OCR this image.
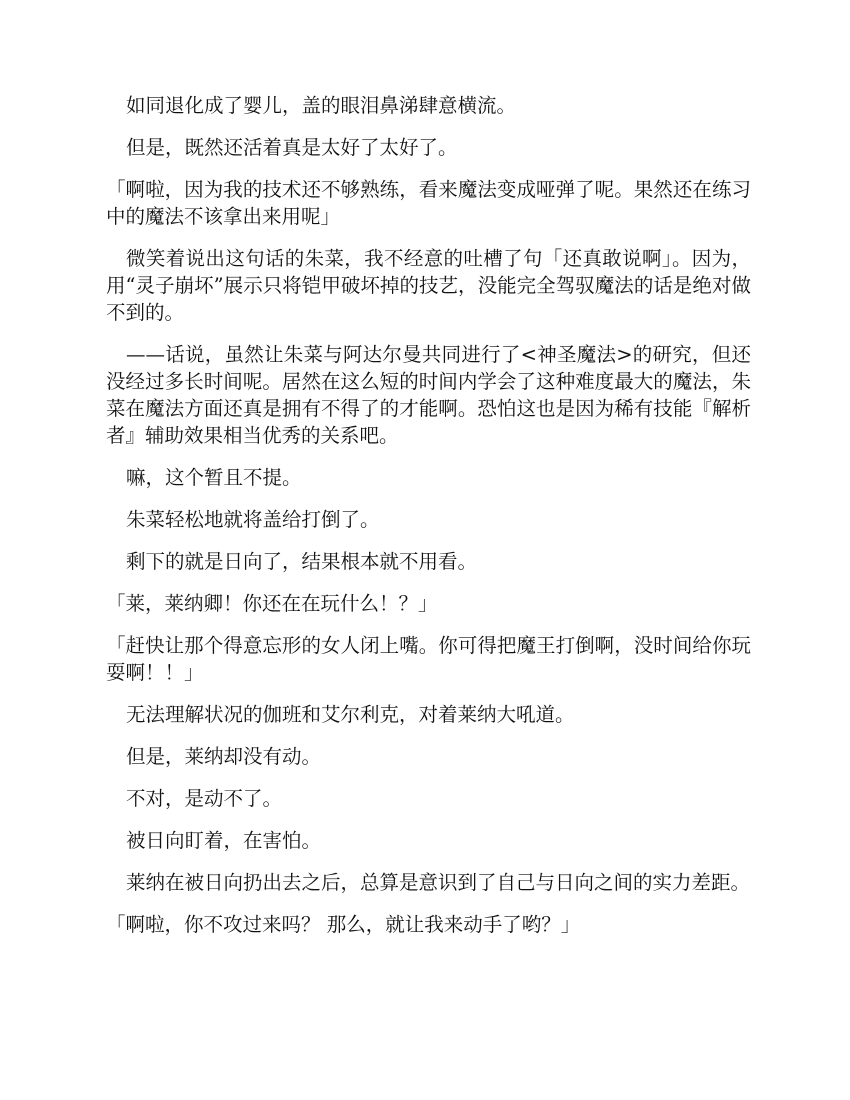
如同退化成了婴儿，盖的眼泪鼻涕肆意横流。

但是，既然还活着真是太好了太好了。

「啊啦，因为我的技术还不够熟练，看来魔法变成哑弹了呢。果然还在练习中的魔法不该拿出来用呢」

微笑着说出这句话的朱菜，我不经意的吐槽了句「还真敢说啊」。因为，用“灵子崩坏”展示只将铠甲破坏掉的技艺，没能完全驾驭魔法的话是绝对做不到的。

——话说，虽然让朱菜与阿达尔曼共同进行了<神圣魔法>的研究，但还没经过多长时间呢。居然在这么短的时间内学会了这种难度最大的魔法，朱菜在魔法方面还真是拥有不得了的才能啊。恐怕这也是因为稀有技能『解析者』辅助效果相当优秀的关系吧。

嘛，这个暂且不提。

朱菜轻松地就将盖给打倒了。

剩下的就是日向了，结果根本就不用看。

「莱，莱纳卿！你还在在玩什么！？」

「赶快让那个得意忘形的女人闭上嘴。你可得把魔王打倒啊，没时间给你玩耍啊！！」

无法理解状况的伽班和艾尔利克，对着莱纳大吼道。

但是，莱纳却没有动。

不对，是动不了。

被日向盯着，在害怕。

莱纳在被日向扔出去之后，总算是意识到了自己与日向之间的实力差距。

「啊啦，你不攻过来吗？ 那么，就让我来动手了哟？」
